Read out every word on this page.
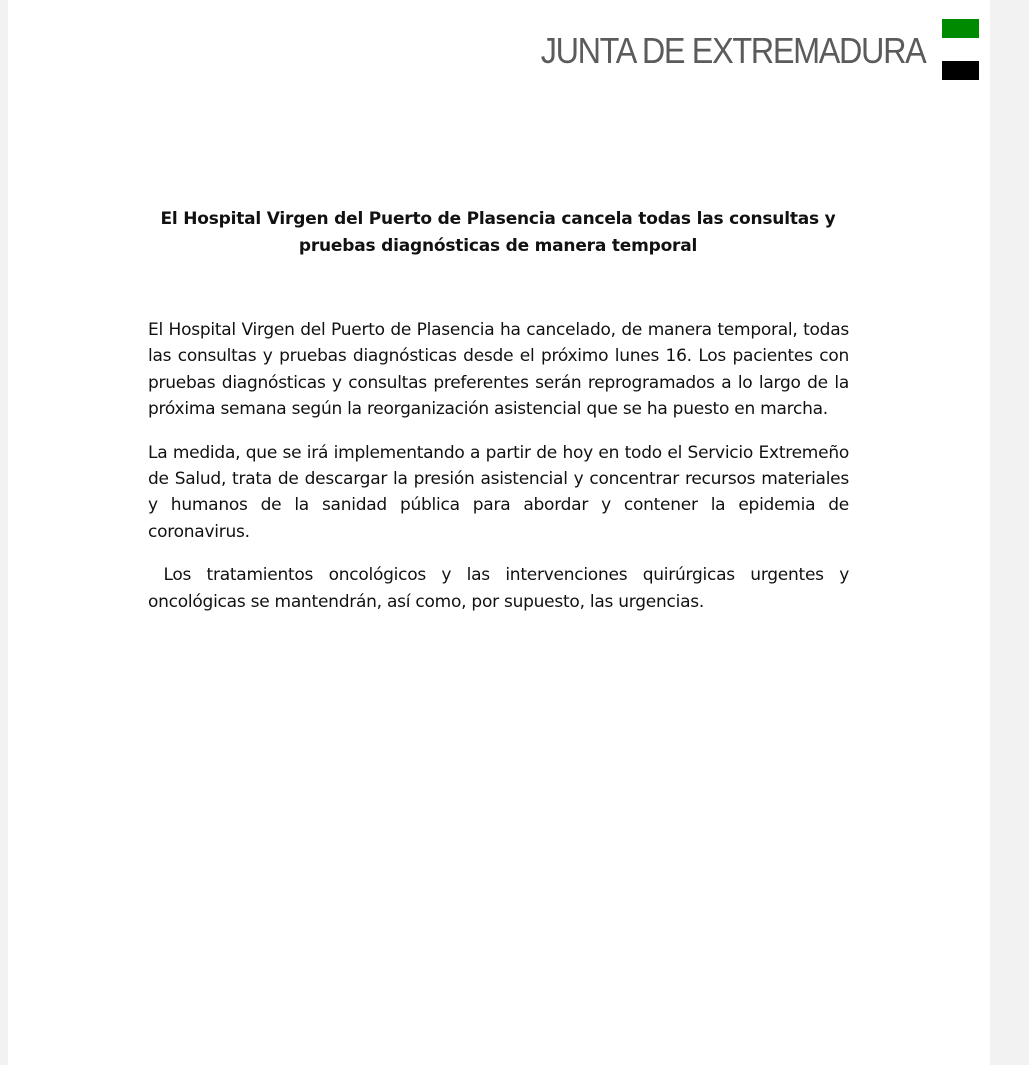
JUNTA DE EXTREMADURA
El Hospital Virgen del Puerto de Plasencia cancela todas las consultas y pruebas diagnósticas de manera temporal

El Hospital Virgen del Puerto de Plasencia ha cancelado, de manera temporal, todas las consultas y pruebas diagnósticas desde el próximo lunes 16. Los pacientes con pruebas diagnósticas y consultas preferentes serán reprogramados a lo largo de la próxima semana según la reorganización asistencial que se ha puesto en marcha.

La medida, que se irá implementando a partir de hoy en todo el Servicio Extremeño de Salud, trata de descargar la presión asistencial y concentrar recursos materiales y humanos de la sanidad pública para abordar y contener la epidemia de coronavirus.

Los tratamientos oncológicos y las intervenciones quirúrgicas urgentes y oncológicas se mantendrán, así como, por supuesto, las urgencias.
